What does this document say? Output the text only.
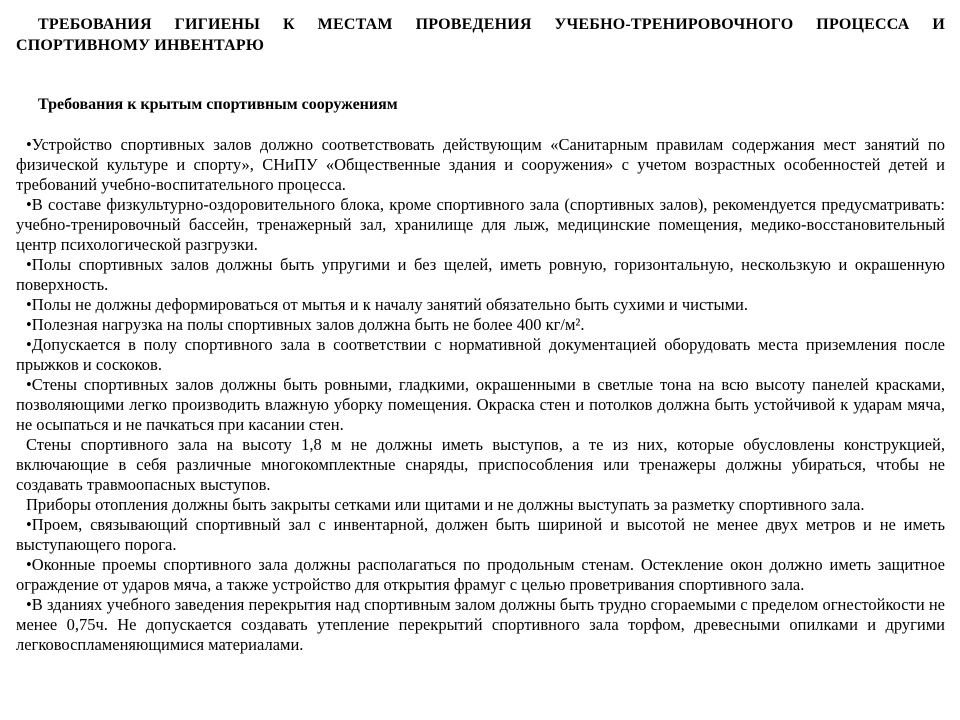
ТРЕБОВАНИЯ ГИГИЕНЫ К МЕСТАМ ПРОВЕДЕНИЯ УЧЕБНО-ТРЕНИРОВОЧНОГО ПРОЦЕССА И СПОРТИВНОМУ ИНВЕНТАРЮ
Требования к крытым спортивным сооружениям

•Устройство спортивных залов должно соответствовать действующим «Санитарным правилам содержания мест занятий по физической культуре и спорту», СНиПУ «Общественные здания и сооружения» с учетом возрастных особенностей детей и требований учебно-воспитательного процесса.

•В составе физкультурно-оздоровительного блока, кроме спортивного зала (спортивных залов), рекомендуется предусматривать: учебно-тренировочный бассейн, тренажерный зал, хранилище для лыж, медицинские помещения, медико-восстановительный центр психологической разгрузки.

•Полы спортивных залов должны быть упругими и без щелей, иметь ровную, горизонтальную, нескользкую и окрашенную поверхность.

•Полы не должны деформироваться от мытья и к началу занятий обязательно быть сухими и чистыми.

•Полезная нагрузка на полы спортивных залов должна быть не более 400 кг/м².

•Допускается в полу спортивного зала в соответствии с нормативной документацией оборудовать места приземления после прыжков и соскоков.

•Стены спортивных залов должны быть ровными, гладкими, окрашенными в светлые тона на всю высоту панелей красками, позволяющими легко производить влажную уборку помещения. Окраска стен и потолков должна быть устойчивой к ударам мяча, не осыпаться и не пачкаться при касании стен.

Стены спортивного зала на высоту 1,8 м не должны иметь выступов, а те из них, которые обусловлены конструкцией, включающие в себя различные многокомплектные снаряды, приспособления или тренажеры должны убираться, чтобы не создавать травмоопасных выступов.

Приборы отопления должны быть закрыты сетками или щитами и не должны выступать за разметку спортивного зала.

•Проем, связывающий спортивный зал с инвентарной, должен быть шириной и высотой не менее двух метров и не иметь выступающего порога.

•Оконные проемы спортивного зала должны располагаться по продольным стенам. Остекление окон должно иметь защитное ограждение от ударов мяча, а также устройство для открытия фрамуг с целью проветривания спортивного зала.

•В зданиях учебного заведения перекрытия над спортивным залом должны быть трудно сгораемыми с пределом огнестойкости не менее 0,75ч. Не допускается создавать утепление перекрытий спортивного зала торфом, древесными опилками и другими легковоспламеняющимися материалами.
